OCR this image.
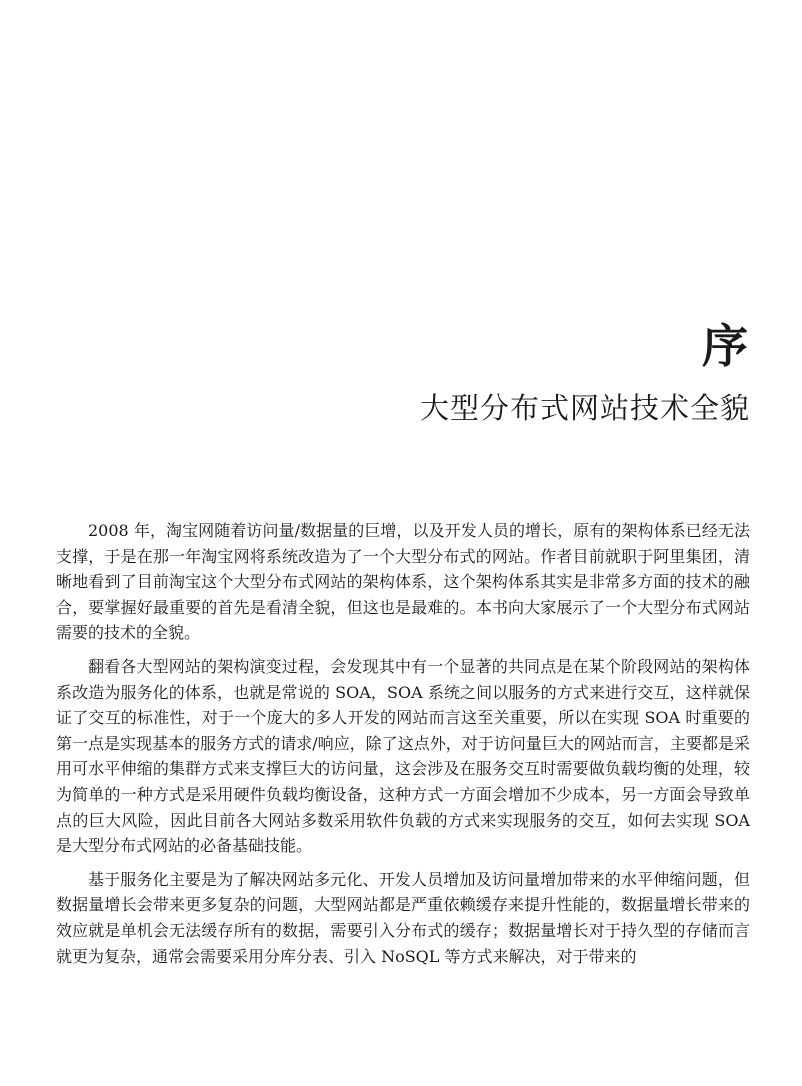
序
大型分布式网站技术全貌

2008 年，淘宝网随着访问量/数据量的巨增，以及开发人员的增长，原有的架构体系已经无法支撑，于是在那一年淘宝网将系统改造为了一个大型分布式的网站。作者目前就职于阿里集团，清晰地看到了目前淘宝这个大型分布式网站的架构体系，这个架构体系其实是非常多方面的技术的融合，要掌握好最重要的首先是看清全貌，但这也是最难的。本书向大家展示了一个大型分布式网站需要的技术的全貌。

翻看各大型网站的架构演变过程，会发现其中有一个显著的共同点是在某个阶段网站的架构体系改造为服务化的体系，也就是常说的 SOA，SOA 系统之间以服务的方式来进行交互，这样就保证了交互的标准性，对于一个庞大的多人开发的网站而言这至关重要，所以在实现 SOA 时重要的第一点是实现基本的服务方式的请求/响应，除了这点外，对于访问量巨大的网站而言，主要都是采用可水平伸缩的集群方式来支撑巨大的访问量，这会涉及在服务交互时需要做负载均衡的处理，较为简单的一种方式是采用硬件负载均衡设备，这种方式一方面会增加不少成本，另一方面会导致单点的巨大风险，因此目前各大网站多数采用软件负载的方式来实现服务的交互，如何去实现 SOA 是大型分布式网站的必备基础技能。

基于服务化主要是为了解决网站多元化、开发人员增加及访问量增加带来的水平伸缩问题，但数据量增长会带来更多复杂的问题，大型网站都是严重依赖缓存来提升性能的，数据量增长带来的效应就是单机会无法缓存所有的数据，需要引入分布式的缓存；数据量增长对于持久型的存储而言就更为复杂，通常会需要采用分库分表、引入 NoSQL 等方式来解决，对于带来的
